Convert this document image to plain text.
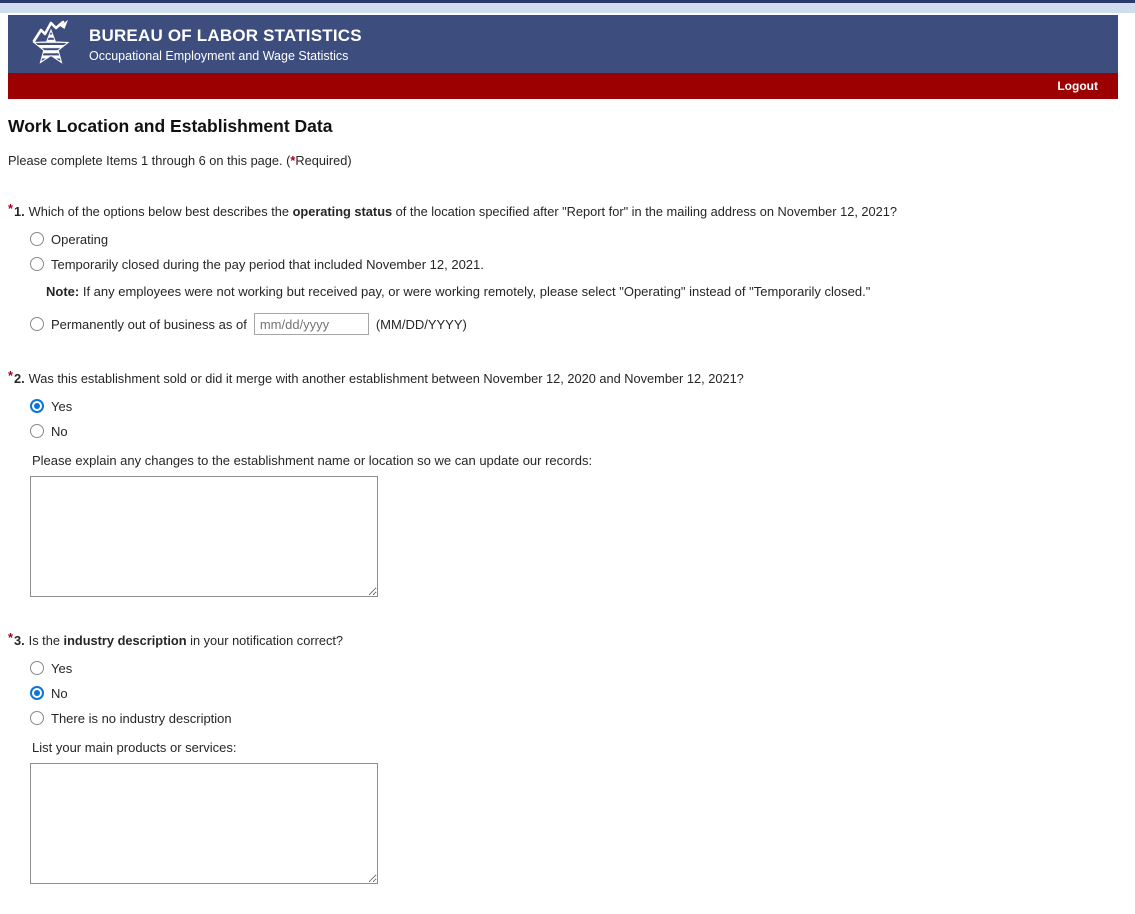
BUREAU OF LABOR STATISTICS
Occupational Employment and Wage Statistics
Logout
Work Location and Establishment Data

Please complete Items 1 through 6 on this page. (*Required)

*1. Which of the options below best describes the operating status of the location specified after "Report for" in the mailing address on November 12, 2021?
Operating
Temporarily closed during the pay period that included November 12, 2021.
Note: If any employees were not working but received pay, or were working remotely, please select "Operating" instead of "Temporarily closed."
Permanently out of business as of
mm/dd/yyyy	(MM/DD/YYYY)
*2. Was this establishment sold or did it merge with another establishment between November 12, 2020 and November 12, 2021?
Yes
No
Please explain any changes to the establishment name or location so we can update our records:
*3. Is the industry description in your notification correct?
Yes
No
There is no industry description
List your main products or services:
